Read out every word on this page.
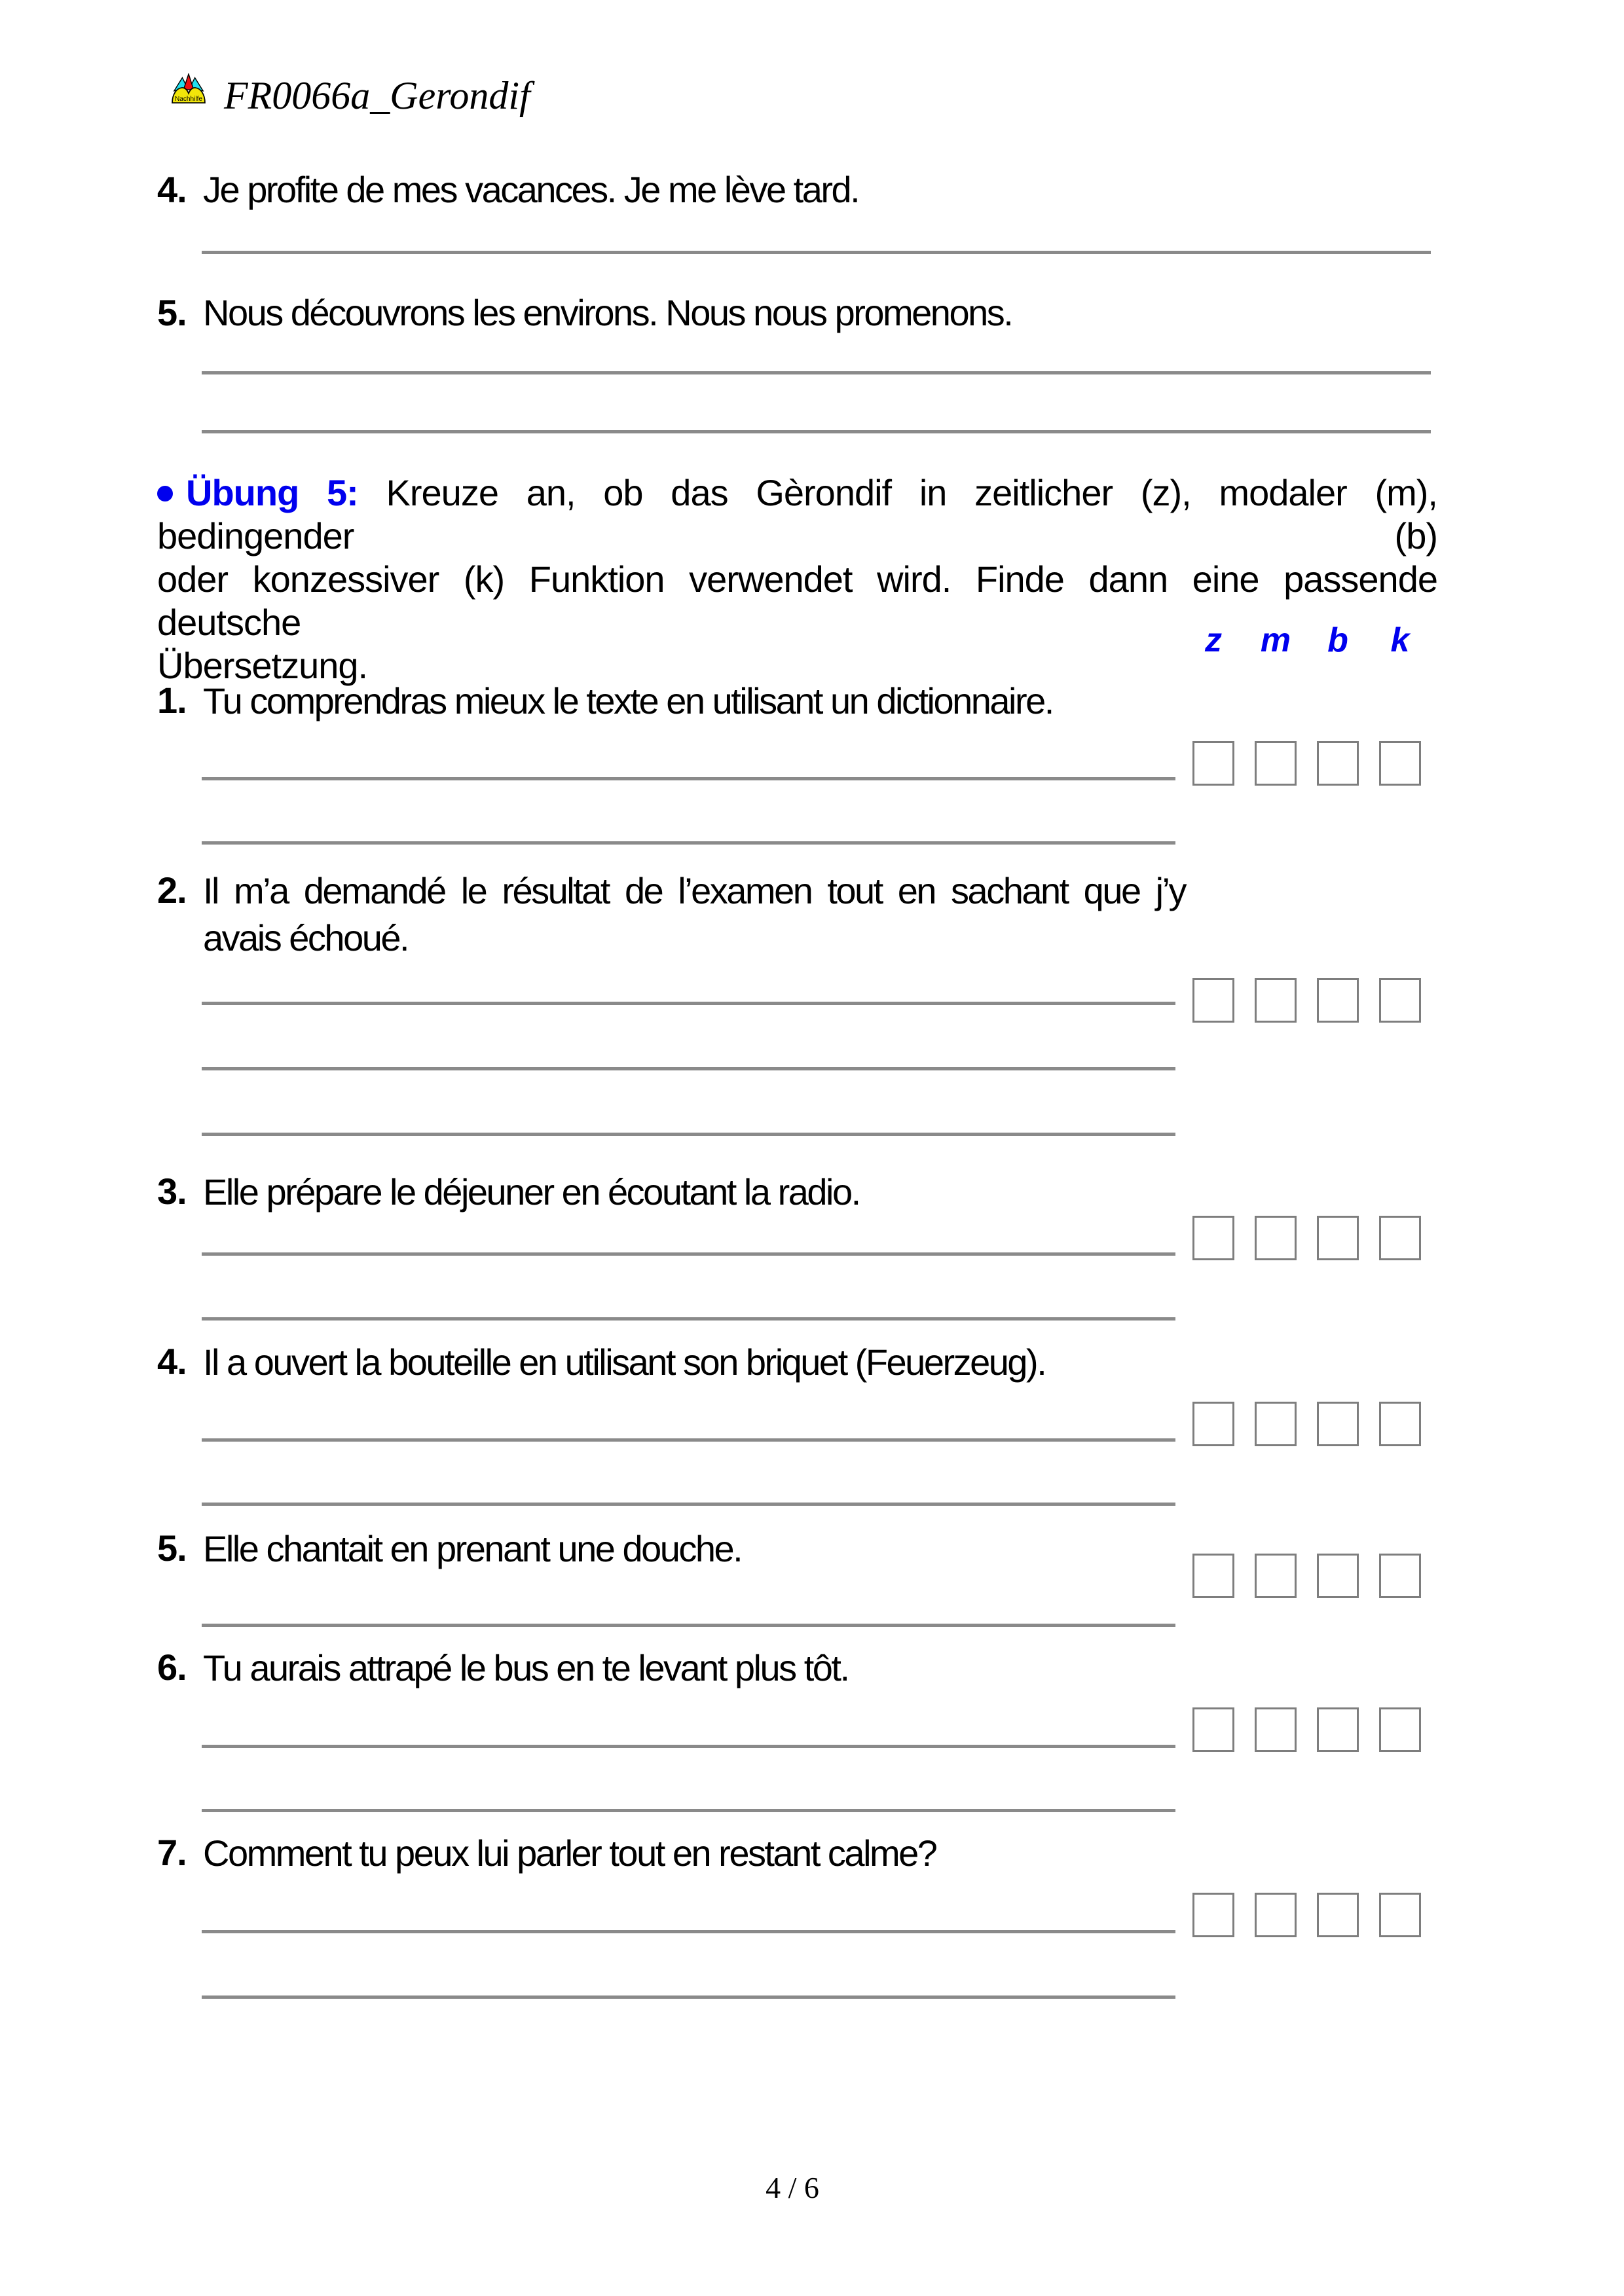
Nachhilfe FR0066a_Gerondif
4. Je profite de mes vacances. Je me lève tard.
5. Nous découvrons les environs. Nous nous promenons.
Übung 5: Kreuze an, ob das Gèrondif in zeitlicher (z), modaler (m), bedingender (b)
oder konzessiver (k) Funktion verwendet wird. Finde dann eine passende deutsche
Übersetzung.
z	m	b	k
1. Tu comprendras mieux le texte en utilisant un dictionnaire.
2. Il m’a demandé le résultat de l’examen tout en sachant que j’y
avais échoué.
3. Elle prépare le déjeuner en écoutant la radio.
4. Il a ouvert la bouteille en utilisant son briquet (Feuerzeug).
5. Elle chantait en prenant une douche.
6. Tu aurais attrapé le bus en te levant plus tôt.
7. Comment tu peux lui parler tout en restant calme?
4 / 6
